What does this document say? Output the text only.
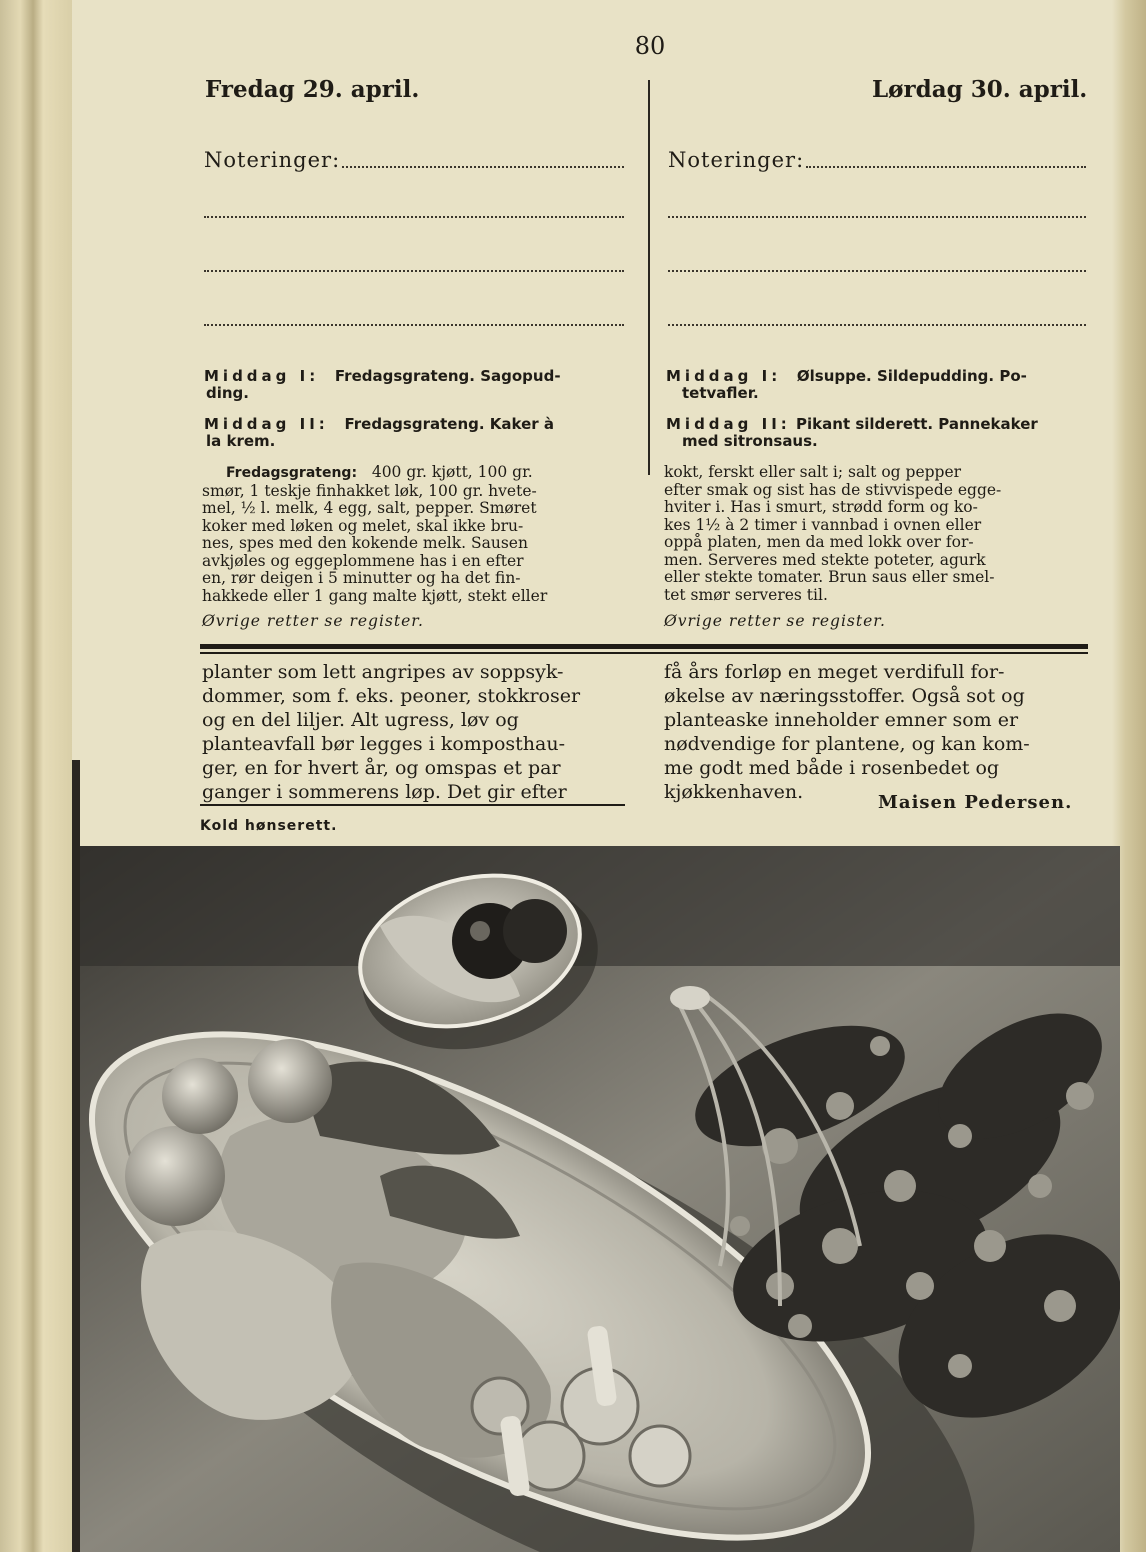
80
Fredag 29. april.	Lørdag 30. april.
Noteringer:	Noteringer:
Middag I: Fredagsgrateng. Sagopud-
ding.
Middag II: Fredagsgrateng. Kaker à
la krem.
Middag I: Ølsuppe. Sildepudding. Po-
tetvafler.
Middag II: Pikant silderett. Pannekaker
med sitronsaus.
Fredagsgrateng: 400 gr. kjøtt, 100 gr.
smør, 1 teskje finhakket løk, 100 gr. hvete-
mel, ½ l. melk, 4 egg, salt, pepper. Smøret
koker med løken og melet, skal ikke bru-
nes, spes med den kokende melk. Sausen
avkjøles og eggeplommene has i en efter
en, rør deigen i 5 minutter og ha det fin-
hakkede eller 1 gang malte kjøtt, stekt eller
Øvrige retter se register.
kokt, ferskt eller salt i; salt og pepper
efter smak og sist has de stivvispede egge-
hviter i. Has i smurt, strødd form og ko-
kes 1½ à 2 timer i vannbad i ovnen eller
oppå platen, men da med lokk over for-
men. Serveres med stekte poteter, agurk
eller stekte tomater. Brun saus eller smel-
tet smør serveres til.
Øvrige retter se register.
planter som lett angripes av soppsyk-
dommer, som f. eks. peoner, stokkroser
og en del liljer. Alt ugress, løv og
planteavfall bør legges i komposthau-
ger, en for hvert år, og omspas et par
ganger i sommerens løp. Det gir efter
få års forløp en meget verdifull for-
økelse av næringsstoffer. Også sot og
planteaske inneholder emner som er
nødvendige for plantene, og kan kom-
me godt med både i rosenbedet og
kjøkkenhaven.	Maisen Pedersen.
Kold hønserett.
